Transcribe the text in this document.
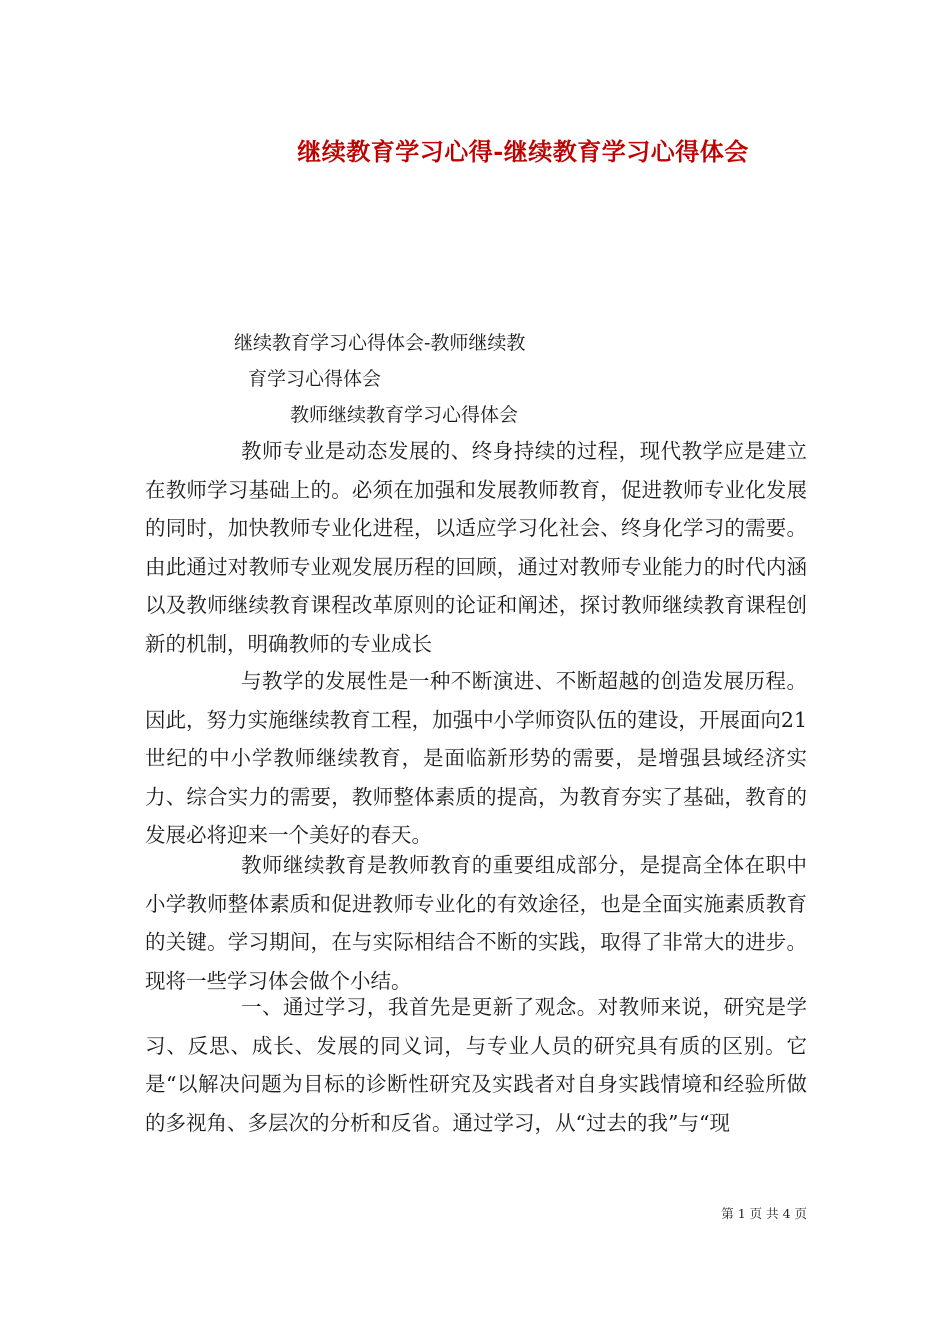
继续教育学习心得-继续教育学习心得体会
继续教育学习心得体会-教师继续教
育学习心得体会
教师继续教育学习心得体会

教师专业是动态发展的、终身持续的过程，现代教学应是建立在教师学习基础上的。必须在加强和发展教师教育，促进教师专业化发展的同时，加快教师专业化进程，以适应学习化社会、终身化学习的需要。由此通过对教师专业观发展历程的回顾，通过对教师专业能力的时代内涵以及教师继续教育课程改革原则的论证和阐述，探讨教师继续教育课程创新的机制，明确教师的专业成长

与教学的发展性是一种不断演进、不断超越的创造发展历程。因此，努力实施继续教育工程，加强中小学师资队伍的建设，开展面向21世纪的中小学教师继续教育，是面临新形势的需要，是增强县域经济实力、综合实力的需要，教师整体素质的提高，为教育夯实了基础，教育的发展必将迎来一个美好的春天。

教师继续教育是教师教育的重要组成部分，是提高全体在职中小学教师整体素质和促进教师专业化的有效途径，也是全面实施素质教育的关键。学习期间，在与实际相结合不断的实践，取得了非常大的进步。现将一些学习体会做个小结。

一、通过学习，我首先是更新了观念。对教师来说，研究是学习、反思、成长、发展的同义词，与专业人员的研究具有质的区别。它是“以解决问题为目标的诊断性研究及实践者对自身实践情境和经验所做的多视角、多层次的分析和反省。通过学习，从“过去的我”与“现

第 1 页 共 4 页
